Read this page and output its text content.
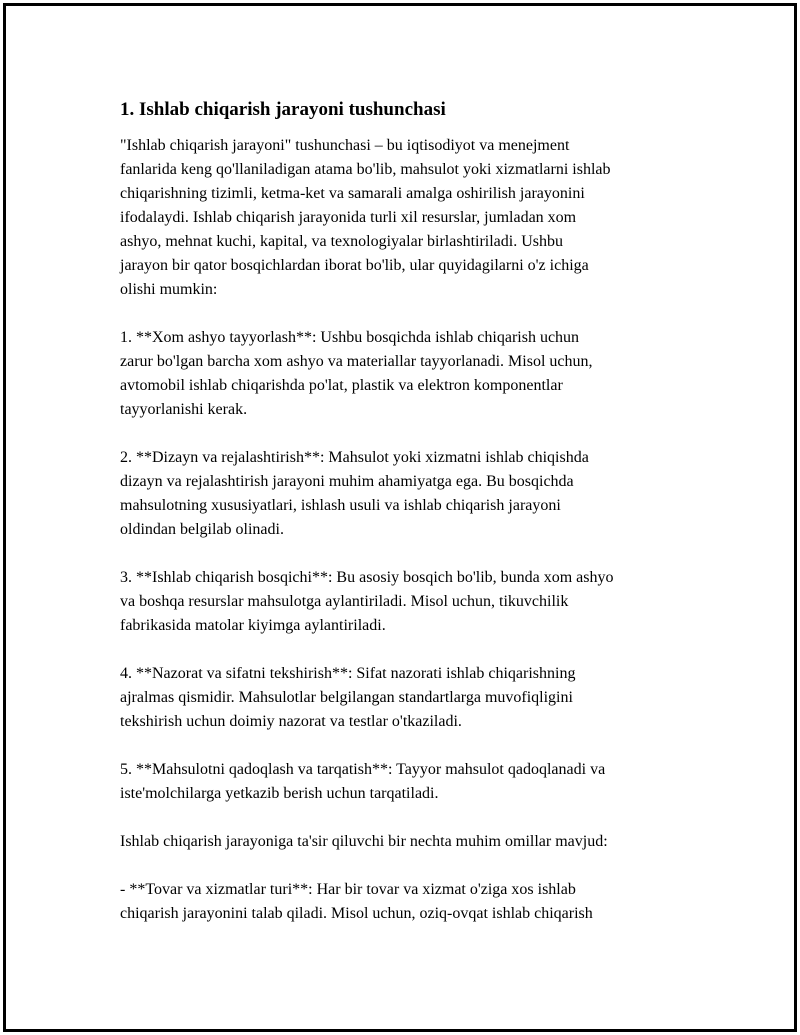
1. Ishlab chiqarish jarayoni tushunchasi

"Ishlab chiqarish jarayoni" tushunchasi – bu iqtisodiyot va menejment
fanlarida keng qo'llaniladigan atama bo'lib, mahsulot yoki xizmatlarni ishlab
chiqarishning tizimli, ketma-ket va samarali amalga oshirilish jarayonini
ifodalaydi. Ishlab chiqarish jarayonida turli xil resurslar, jumladan xom
ashyo, mehnat kuchi, kapital, va texnologiyalar birlashtiriladi. Ushbu
jarayon bir qator bosqichlardan iborat bo'lib, ular quyidagilarni o'z ichiga
olishi mumkin:

1. **Xom ashyo tayyorlash**: Ushbu bosqichda ishlab chiqarish uchun
zarur bo'lgan barcha xom ashyo va materiallar tayyorlanadi. Misol uchun,
avtomobil ishlab chiqarishda po'lat, plastik va elektron komponentlar
tayyorlanishi kerak.

2. **Dizayn va rejalashtirish**: Mahsulot yoki xizmatni ishlab chiqishda
dizayn va rejalashtirish jarayoni muhim ahamiyatga ega. Bu bosqichda
mahsulotning xususiyatlari, ishlash usuli va ishlab chiqarish jarayoni
oldindan belgilab olinadi.

3. **Ishlab chiqarish bosqichi**: Bu asosiy bosqich bo'lib, bunda xom ashyo
va boshqa resurslar mahsulotga aylantiriladi. Misol uchun, tikuvchilik
fabrikasida matolar kiyimga aylantiriladi.

4. **Nazorat va sifatni tekshirish**: Sifat nazorati ishlab chiqarishning
ajralmas qismidir. Mahsulotlar belgilangan standartlarga muvofiqligini
tekshirish uchun doimiy nazorat va testlar o'tkaziladi.

5. **Mahsulotni qadoqlash va tarqatish**: Tayyor mahsulot qadoqlanadi va
iste'molchilarga yetkazib berish uchun tarqatiladi.

Ishlab chiqarish jarayoniga ta'sir qiluvchi bir nechta muhim omillar mavjud:

- **Tovar va xizmatlar turi**: Har bir tovar va xizmat o'ziga xos ishlab
chiqarish jarayonini talab qiladi. Misol uchun, oziq-ovqat ishlab chiqarish
